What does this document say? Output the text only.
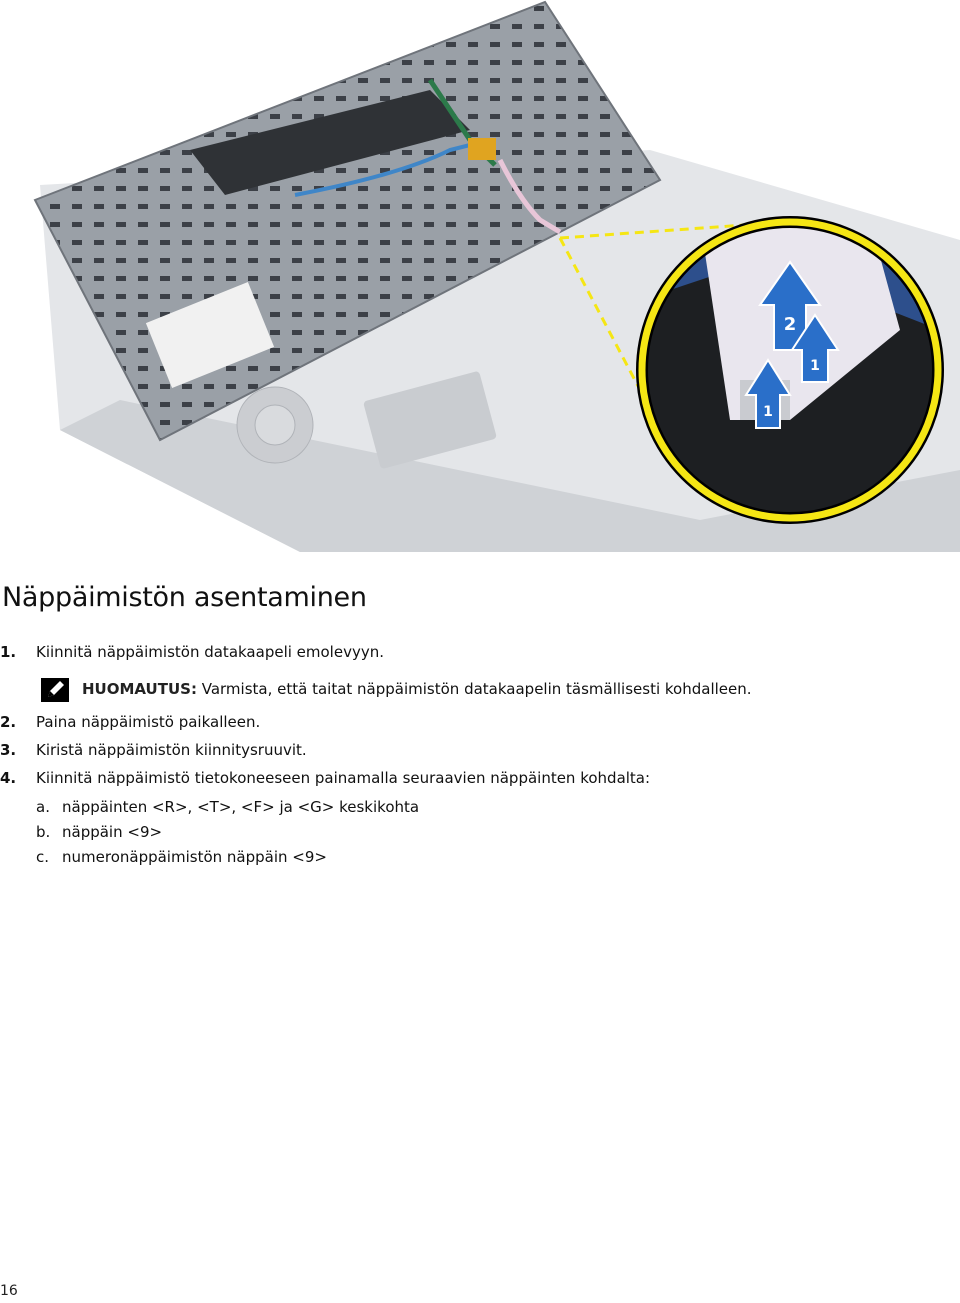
1
2
1
Näppäimistön asentaminen
1. Kiinnitä näppäimistön datakaapeli emolevyyn.
HUOMAUTUS: Varmista, että taitat näppäimistön datakaapelin täsmällisesti kohdalleen.
2. Paina näppäimistö paikalleen.
3. Kiristä näppäimistön kiinnitysruuvit.
4. Kiinnitä näppäimistö tietokoneeseen painamalla seuraavien näppäinten kohdalta:
a. näppäinten <R>, <T>, <F> ja <G> keskikohta
b. näppäin <9>
c. numeronäppäimistön näppäin <9>
16
